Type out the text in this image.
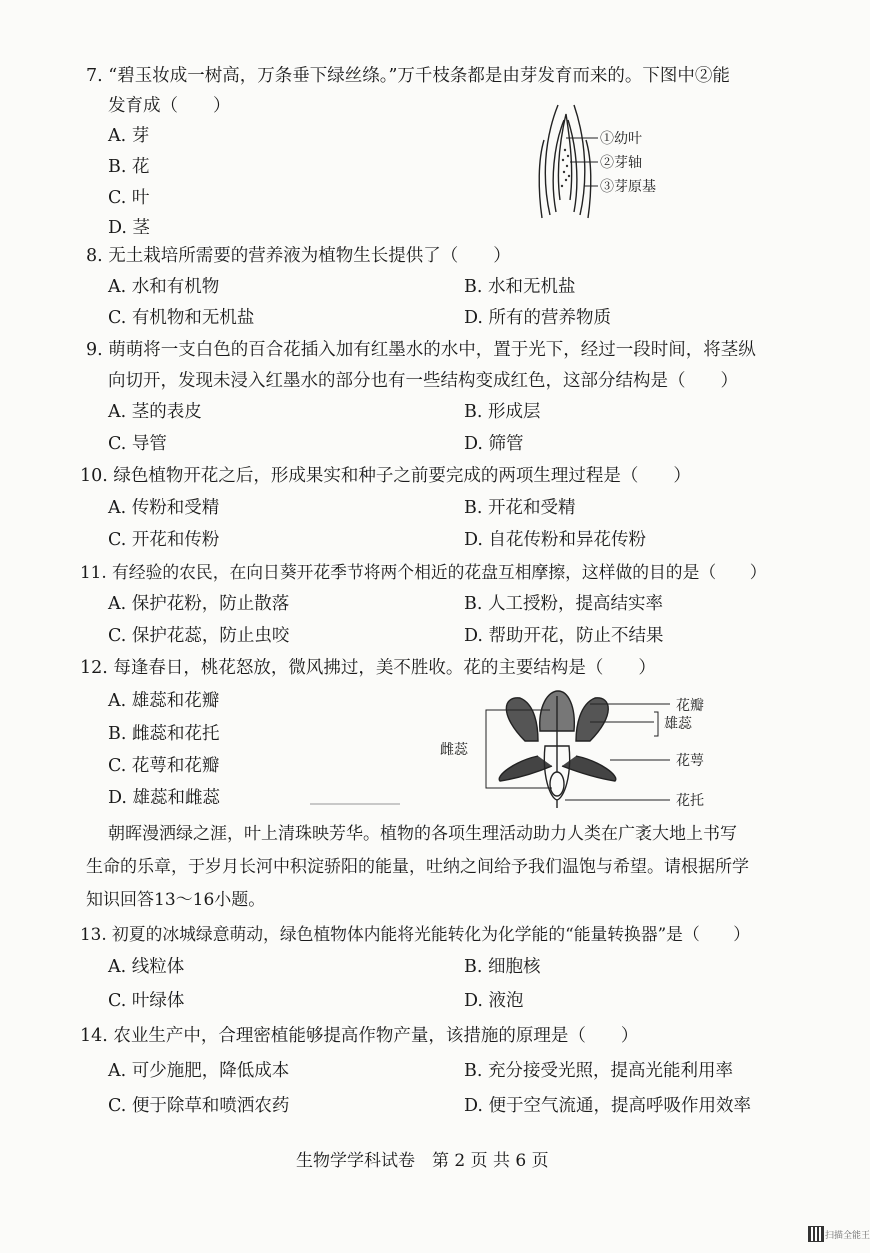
7. “碧玉妆成一树高，万条垂下绿丝绦。”万千枝条都是由芽发育而来的。下图中②能
发育成（　　）
A. 芽
B. 花
C. 叶
D. 茎
①幼叶
②芽轴
③芽原基
8. 无土栽培所需要的营养液为植物生长提供了（　　）
A. 水和有机物	B. 水和无机盐
C. 有机物和无机盐	D. 所有的营养物质
9. 萌萌将一支白色的百合花插入加有红墨水的水中，置于光下，经过一段时间，将茎纵
向切开，发现未浸入红墨水的部分也有一些结构变成红色，这部分结构是（　　）
A. 茎的表皮	B. 形成层
C. 导管	D. 筛管
10. 绿色植物开花之后，形成果实和种子之前要完成的两项生理过程是（　　）
A. 传粉和受精	B. 开花和受精
C. 开花和传粉	D. 自花传粉和异花传粉
11. 有经验的农民，在向日葵开花季节将两个相近的花盘互相摩擦，这样做的目的是（　　）
A. 保护花粉，防止散落	B. 人工授粉，提高结实率
C. 保护花蕊，防止虫咬	D. 帮助开花，防止不结果
12. 每逢春日，桃花怒放，微风拂过，美不胜收。花的主要结构是（　　）
A. 雄蕊和花瓣
B. 雌蕊和花托
C. 花萼和花瓣
D. 雄蕊和雌蕊
花瓣
雄蕊
雌蕊
花萼
花托
朝晖漫洒绿之涯，叶上清珠映芳华。植物的各项生理活动助力人类在广袤大地上书写
生命的乐章，于岁月长河中积淀骄阳的能量，吐纳之间给予我们温饱与希望。请根据所学
知识回答13～16小题。
13. 初夏的冰城绿意萌动，绿色植物体内能将光能转化为化学能的“能量转换器”是（　　）
A. 线粒体	B. 细胞核
C. 叶绿体	D. 液泡
14. 农业生产中，合理密植能够提高作物产量，该措施的原理是（　　）
A. 可少施肥，降低成本	B. 充分接受光照，提高光能利用率
C. 便于除草和喷洒农药	D. 便于空气流通，提高呼吸作用效率
生物学学科试卷　第 2 页 共 6 页
扫描全能王
